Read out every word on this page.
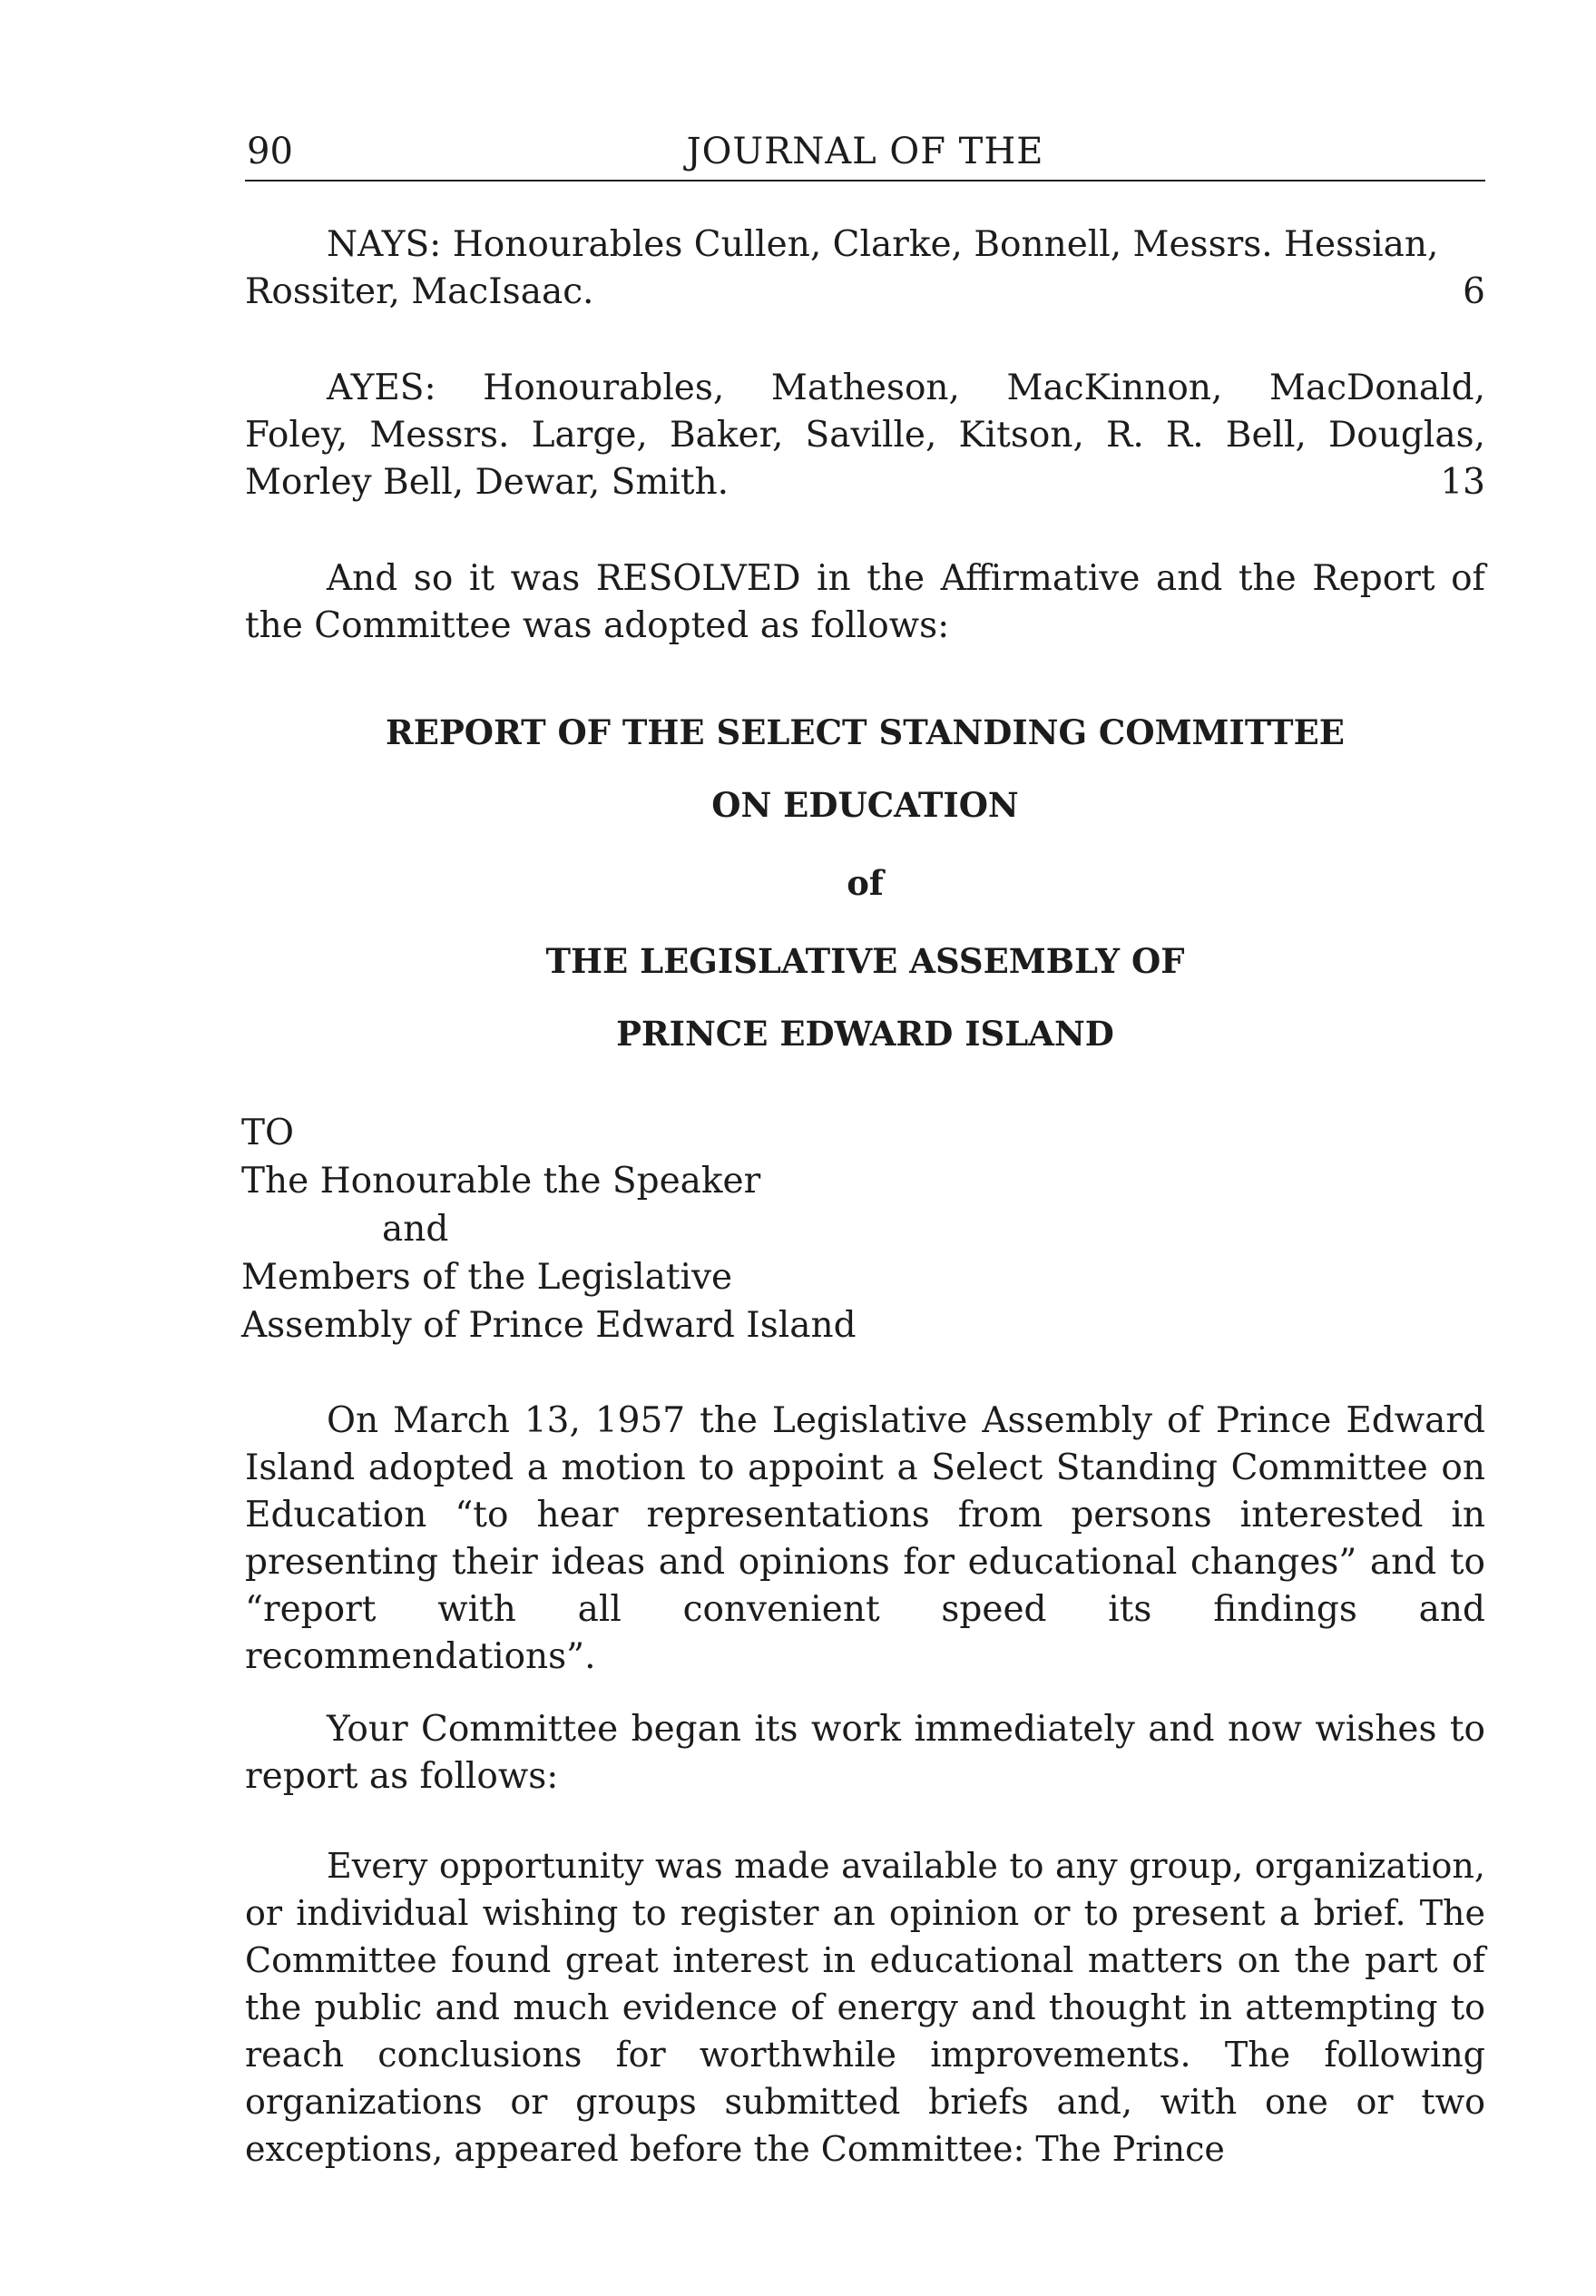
90	JOURNAL OF THE
NAYS: Honourables Cullen, Clarke, Bonnell, Messrs. Hessian,
Rossiter, MacIsaac.	6
AYES: Honourables, Matheson, MacKinnon, MacDonald,
Foley, Messrs. Large, Baker, Saville, Kitson, R. R. Bell, Douglas,
Morley Bell, Dewar, Smith.	13

And so it was RESOLVED in the Affirmative and the Report of the Committee was adopted as follows:

REPORT OF THE SELECT STANDING COMMITTEE

ON EDUCATION

of

THE LEGISLATIVE ASSEMBLY OF

PRINCE EDWARD ISLAND

TO
The Honourable the Speaker
and
Members of the Legislative
Assembly of Prince Edward Island

On March 13, 1957 the Legislative Assembly of Prince Edward Island adopted a motion to appoint a Select Standing Committee on Education “to hear representations from persons interested in presenting their ideas and opinions for educational changes” and to “report with all convenient speed its findings and recommendations”.

Your Committee began its work immediately and now wishes to report as follows:

Every opportunity was made available to any group, organization, or individual wishing to register an opinion or to present a brief. The Committee found great interest in educational matters on the part of the public and much evidence of energy and thought in attempting to reach conclusions for worthwhile improvements. The following organizations or groups submitted briefs and, with one or two exceptions, appeared before the Committee: The Prince
